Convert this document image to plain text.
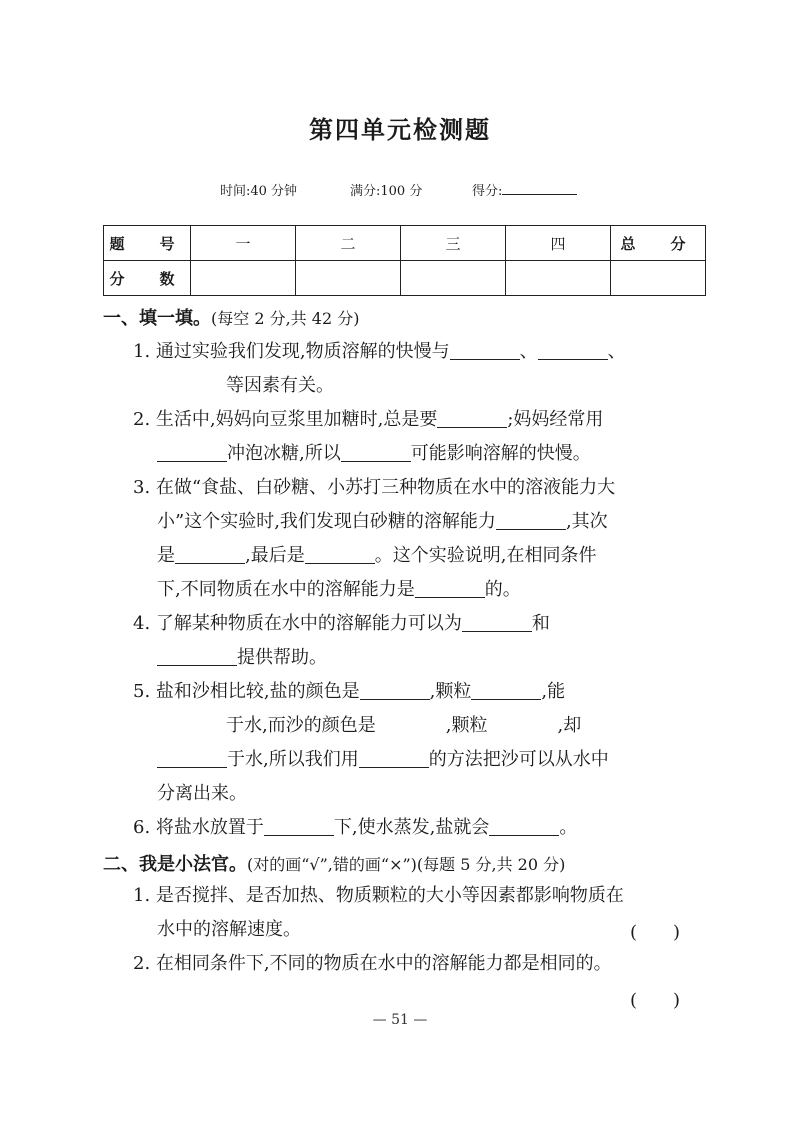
第四单元检测题
时间:40 分钟	满分:100 分	得分:
题　号	一	二	三	四	总　分
分　数					
一、填一填。(每空 2 分,共 42 分)
1. 通过实验我们发现,物质溶解的快慢与	、	、
等因素有关。
2. 生活中,妈妈向豆浆里加糖时,总是要	;妈妈经常用
冲泡冰糖,所以	可能影响溶解的快慢。
3. 在做“食盐、白砂糖、小苏打三种物质在水中的溶液能力大
小”这个实验时,我们发现白砂糖的溶解能力	,其次
是	,最后是	。这个实验说明,在相同条件
下,不同物质在水中的溶解能力是	的。
4. 了解某种物质在水中的溶解能力可以为	和
提供帮助。
5. 盐和沙相比较,盐的颜色是	,颗粒	,能
于水,而沙的颜色是	,颗粒	,却
于水,所以我们用	的方法把沙可以从水中
分离出来。
6. 将盐水放置于	下,使水蒸发,盐就会	。
二、我是小法官。(对的画“√”,错的画“×”)(每题 5 分,共 20 分)
1. 是否搅拌、是否加热、物质颗粒的大小等因素都影响物质在
水中的溶解速度。	(　　)
2. 在相同条件下,不同的物质在水中的溶解能力都是相同的。
(　　)
— 51 —
